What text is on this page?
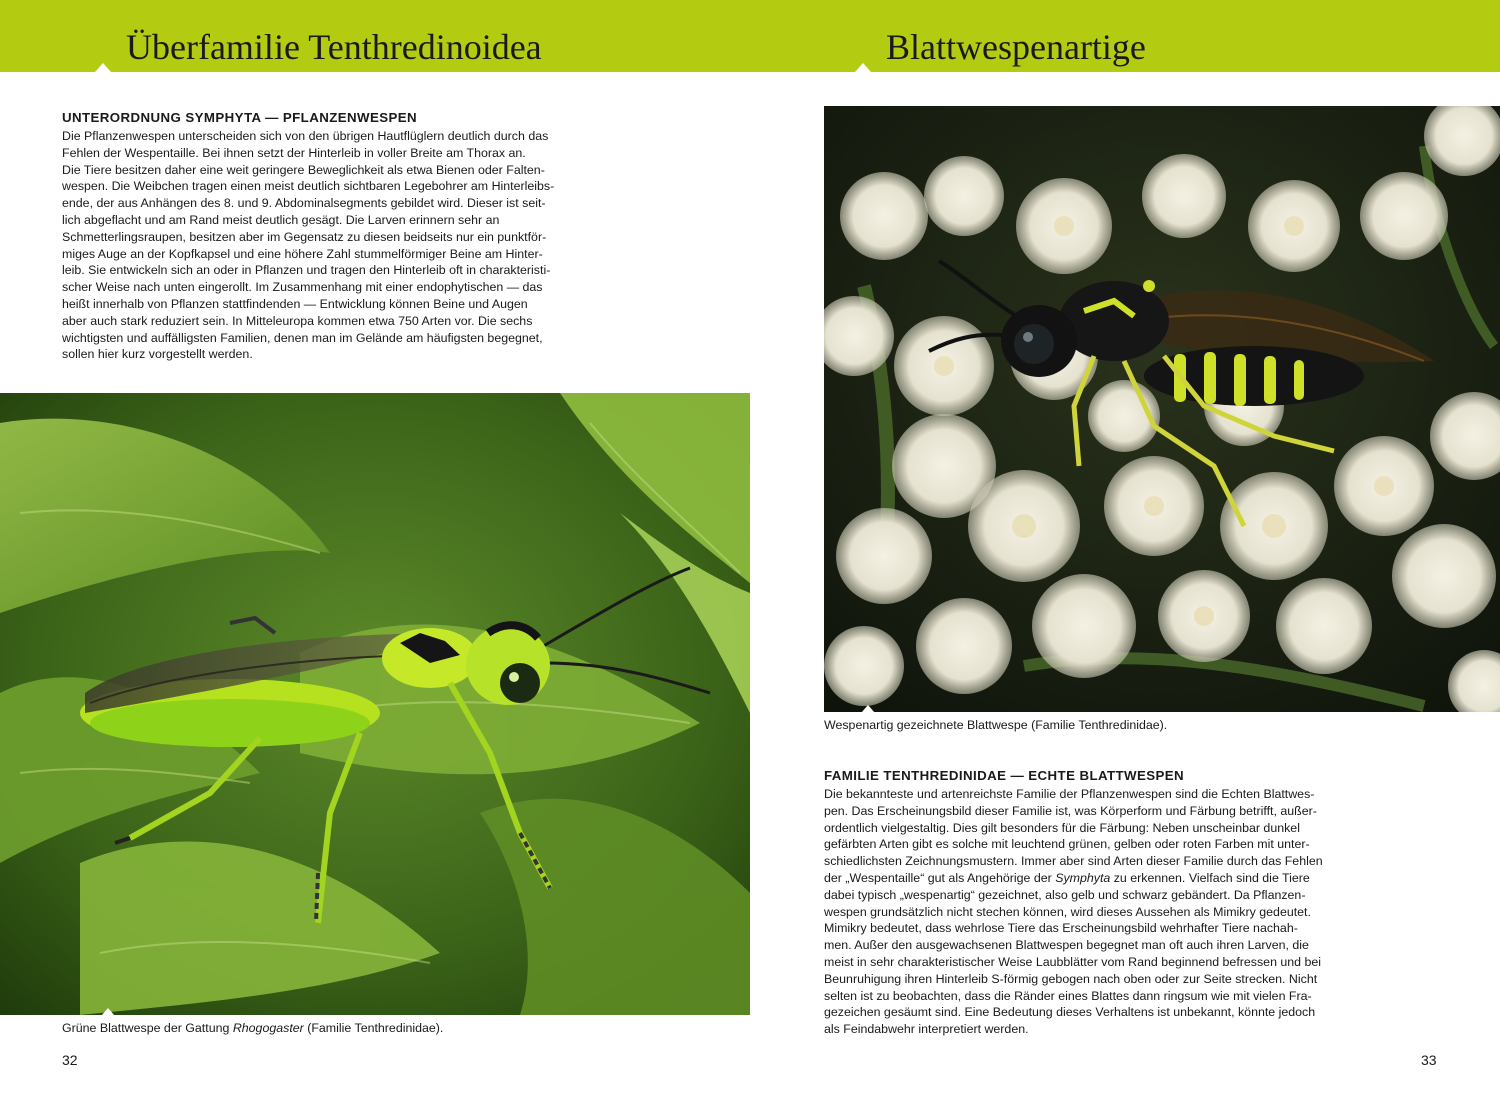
Überfamilie Tenthredinoidea	Blattwespenartige
UNTERORDNUNG SYMPHYTA — PFLANZENWESPEN

Die Pflanzenwespen unterscheiden sich von den übrigen Hautflüglern deutlich durch das
Fehlen der Wespentaille. Bei ihnen setzt der Hinterleib in voller Breite am Thorax an.
Die Tiere besitzen daher eine weit geringere Beweglichkeit als etwa Bienen oder Falten-
wespen. Die Weibchen tragen einen meist deutlich sichtbaren Legebohrer am Hinterleibs-
ende, der aus Anhängen des 8. und 9. Abdominalsegments gebildet wird. Dieser ist seit-
lich abgeflacht und am Rand meist deutlich gesägt. Die Larven erinnern sehr an
Schmetterlingsraupen, besitzen aber im Gegensatz zu diesen beidseits nur ein punktför-
miges Auge an der Kopfkapsel und eine höhere Zahl stummelförmiger Beine am Hinter-
leib. Sie entwickeln sich an oder in Pflanzen und tragen den Hinterleib oft in charakteristi-
scher Weise nach unten eingerollt. Im Zusammenhang mit einer endophytischen — das
heißt innerhalb von Pflanzen stattfindenden — Entwicklung können Beine und Augen
aber auch stark reduziert sein. In Mitteleuropa kommen etwa 750 Arten vor. Die sechs
wichtigsten und auffälligsten Familien, denen man im Gelände am häufigsten begegnet,
sollen hier kurz vorgestellt werden.

Grüne Blattwespe der Gattung Rhogogaster (Familie Tenthredinidae).

32

Wespenartig gezeichnete Blattwespe (Familie Tenthredinidae).

FAMILIE TENTHREDINIDAE — ECHTE BLATTWESPEN

Die bekannteste und artenreichste Familie der Pflanzenwespen sind die Echten Blattwes-
pen. Das Erscheinungsbild dieser Familie ist, was Körperform und Färbung betrifft, außer-
ordentlich vielgestaltig. Dies gilt besonders für die Färbung: Neben unscheinbar dunkel
gefärbten Arten gibt es solche mit leuchtend grünen, gelben oder roten Farben mit unter-
schiedlichsten Zeichnungsmustern. Immer aber sind Arten dieser Familie durch das Fehlen
der „Wespentaille“ gut als Angehörige der Symphyta zu erkennen. Vielfach sind die Tiere
dabei typisch „wespenartig“ gezeichnet, also gelb und schwarz gebändert. Da Pflanzen-
wespen grundsätzlich nicht stechen können, wird dieses Aussehen als Mimikry gedeutet.
Mimikry bedeutet, dass wehrlose Tiere das Erscheinungsbild wehrhafter Tiere nachah-
men. Außer den ausgewachsenen Blattwespen begegnet man oft auch ihren Larven, die
meist in sehr charakteristischer Weise Laubblätter vom Rand beginnend befressen und bei
Beunruhigung ihren Hinterleib S-förmig gebogen nach oben oder zur Seite strecken. Nicht
selten ist zu beobachten, dass die Ränder eines Blattes dann ringsum wie mit vielen Fra-
gezeichen gesäumt sind. Eine Bedeutung dieses Verhaltens ist unbekannt, könnte jedoch
als Feindabwehr interpretiert werden.

33
